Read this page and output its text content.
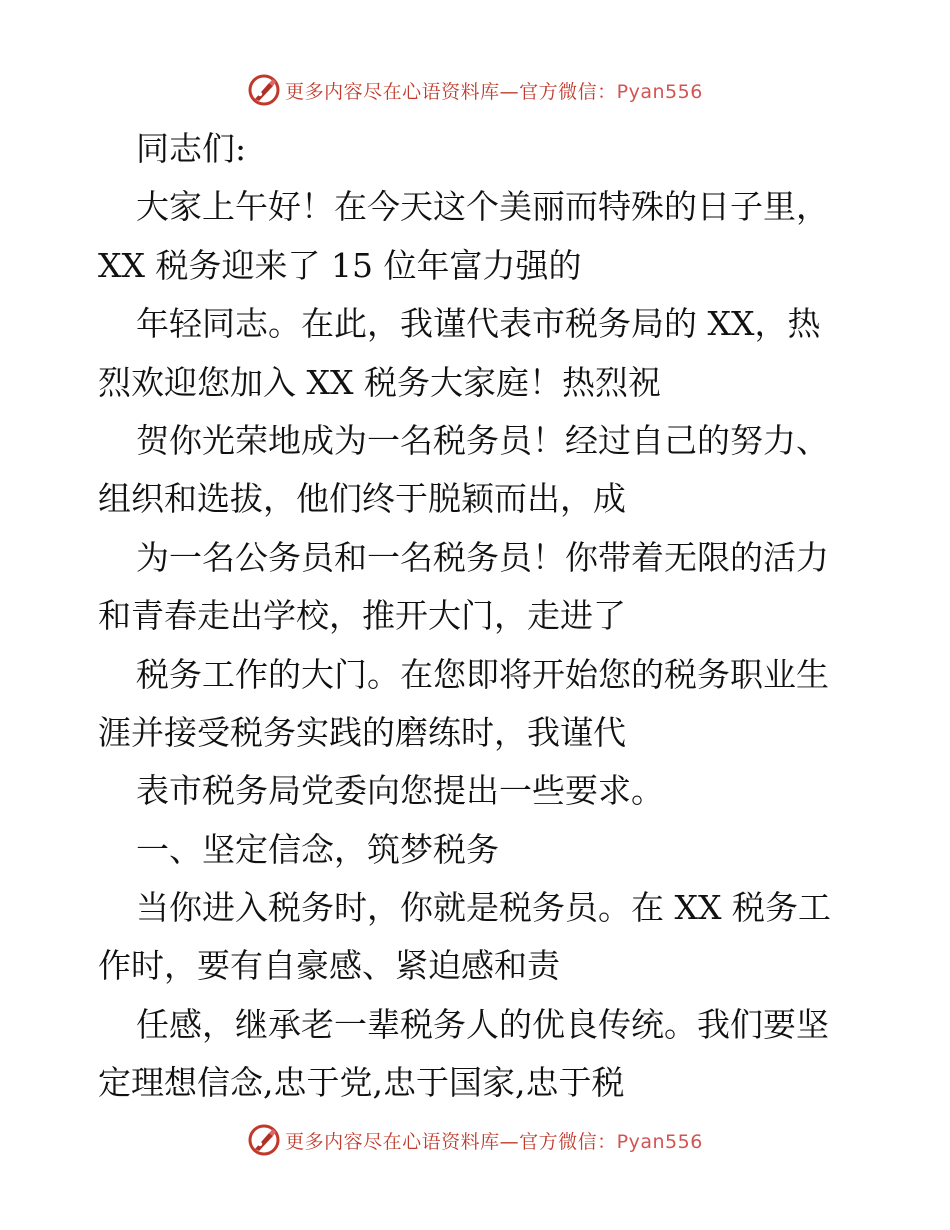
更多内容尽在心语资料库—官方微信：Pyan556
同志们:
大家上午好！在今天这个美丽而特殊的日子里，
XX 税务迎来了 15 位年富力强的
年轻同志。在此，我谨代表市税务局的 XX，热
烈欢迎您加入 XX 税务大家庭！热烈祝
贺你光荣地成为一名税务员！经过自己的努力、
组织和选拔，他们终于脱颖而出，成
为一名公务员和一名税务员！你带着无限的活力
和青春走出学校，推开大门，走进了
税务工作的大门。在您即将开始您的税务职业生
涯并接受税务实践的磨练时，我谨代
表市税务局党委向您提出一些要求。
一、坚定信念，筑梦税务
当你进入税务时，你就是税务员。在 XX 税务工
作时，要有自豪感、紧迫感和责
任感，继承老一辈税务人的优良传统。我们要坚
定理想信念,忠于党,忠于国家,忠于税
更多内容尽在心语资料库—官方微信：Pyan556
